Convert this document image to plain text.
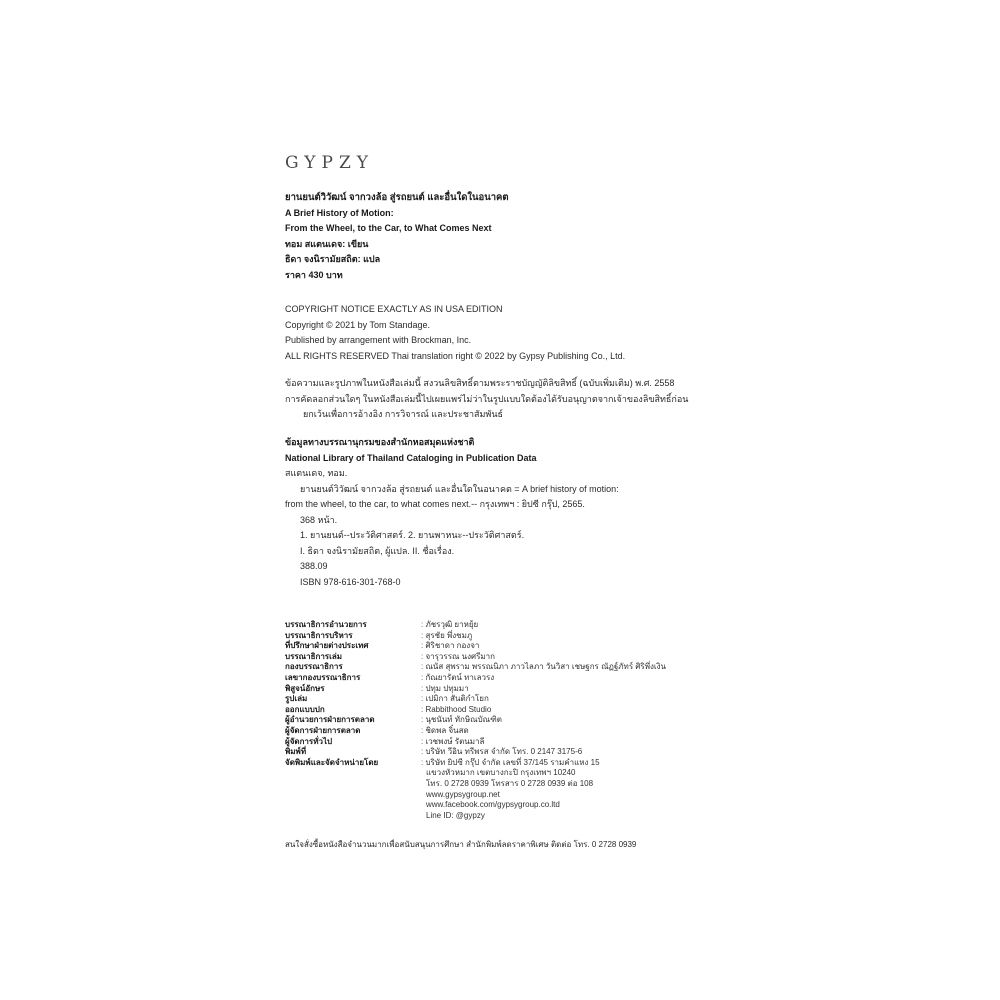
GYPZY
ยานยนต์วิวัฒน์ จากวงล้อ สู่รถยนต์ และอื่นใดในอนาคต
A Brief History of Motion:
From the Wheel, to the Car, to What Comes Next
ทอม สแตนเดจ: เขียน
ธิดา จงนิรามัยสถิต: แปล
ราคา 430 บาท
COPYRIGHT NOTICE EXACTLY AS IN USA EDITION
Copyright © 2021 by Tom Standage.
Published by arrangement with Brockman, Inc.
ALL RIGHTS RESERVED Thai translation right © 2022 by Gypsy Publishing Co., Ltd.
ข้อความและรูปภาพในหนังสือเล่มนี้ สงวนลิขสิทธิ์ตามพระราชบัญญัติลิขสิทธิ์ (ฉบับเพิ่มเติม) พ.ศ. 2558
การคัดลอกส่วนใดๆ ในหนังสือเล่มนี้ไปเผยแพร่ไม่ว่าในรูปแบบใดต้องได้รับอนุญาตจากเจ้าของลิขสิทธิ์ก่อน
ยกเว้นเพื่อการอ้างอิง การวิจารณ์ และประชาสัมพันธ์
ข้อมูลทางบรรณานุกรมของสำนักหอสมุดแห่งชาติ
National Library of Thailand Cataloging in Publication Data
สแตนเดจ, ทอม.
ยานยนต์วิวัฒน์ จากวงล้อ สู่รถยนต์ และอื่นใดในอนาคต = A brief history of motion:
from the wheel, to the car, to what comes next.-- กรุงเทพฯ : ยิปซี กรุ๊ป, 2565.
368 หน้า.
1. ยานยนต์--ประวัติศาสตร์. 2. ยานพาหนะ--ประวัติศาสตร์.
I. ธิดา จงนิรามัยสถิต, ผู้แปล. II. ชื่อเรื่อง.
388.09
ISBN 978-616-301-768-0
บรรณาธิการอำนวยการ	: ภัชรวุฒิ ยาหยุ้ย
บรรณาธิการบริหาร	: สุรชัย พึ่งชมภู
ที่ปรึกษาฝ่ายต่างประเทศ	: ศิริชาดา กองจา
บรรณาธิการเล่ม	: จารุวรรณ นงศรีมาก
กองบรรณาธิการ	: ณนัส สุพราม พรรณนิภา ภาวไลภา วันวิสา เชษฐกร ณัฏฐ์ภัทร์ ศิริพึ่งเงิน
เลขากองบรรณาธิการ	: กัณยารัตน์ ทาเลวรง
พิสูจน์อักษร	: ปทุม ปทุมมา
รูปเล่ม	: เปมิกา สันติกำโยก
ออกแบบปก	: Rabbithood Studio
ผู้อำนวยการฝ่ายการตลาด	: นุชนันท์ ทักษิณบัณฑิต
ผู้จัดการฝ่ายการตลาด	: ชิดพล จิ๋นสด
ผู้จัดการทั่วไป	: เวชพงษ์ รัตนมาลี
พิมพ์ที่	: บริษัท วีอิน ทรีพรส จำกัด โทร. 0 2147 3175-6
จัดพิมพ์และจัดจำหน่ายโดย	: บริษัท ยิปซี กรุ๊ป จำกัด เลขที่ 37/145 รามคำแหง 15
แขวงหัวหมาก เขตบางกะปิ กรุงเทพฯ 10240
โทร. 0 2728 0939 โทรสาร 0 2728 0939 ต่อ 108
www.gypsygroup.net
www.facebook.com/gypsygroup.co.ltd
Line ID: @gypzy
สนใจสั่งซื้อหนังสือจำนวนมากเพื่อสนับสนุนการศึกษา สำนักพิมพ์ลดราคาพิเศษ ติดต่อ โทร. 0 2728 0939
